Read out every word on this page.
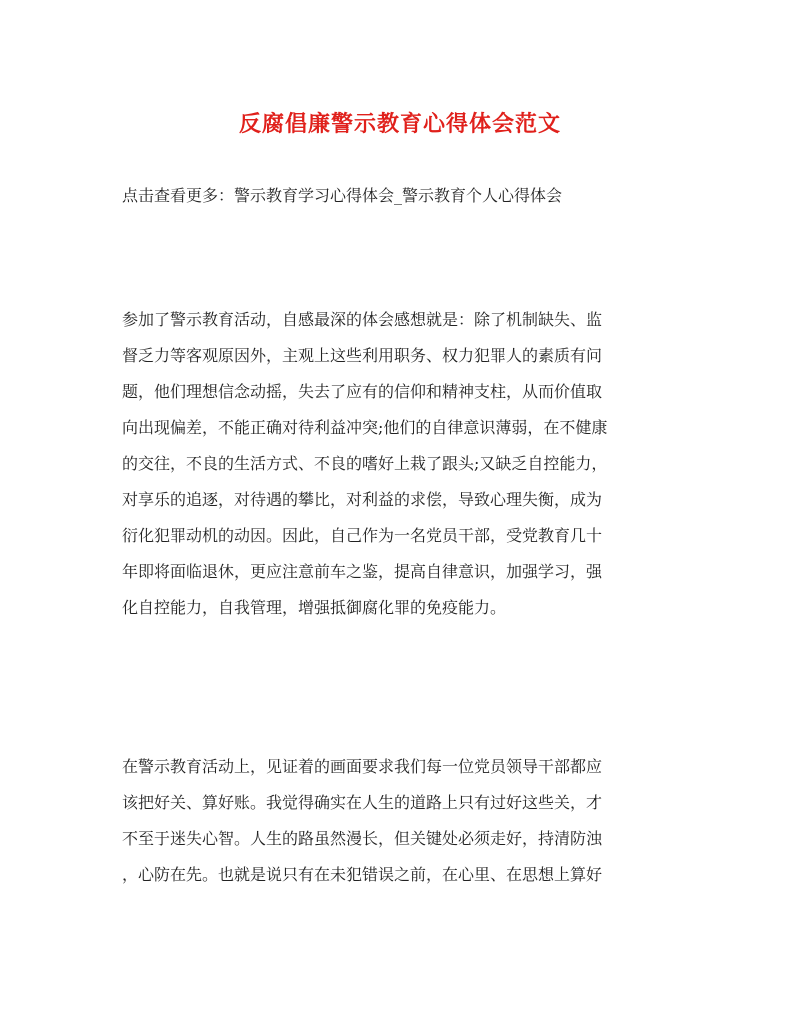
反腐倡廉警示教育心得体会范文
点击查看更多：警示教育学习心得体会_警示教育个人心得体会
参加了警示教育活动，自感最深的体会感想就是：除了机制缺失、监
督乏力等客观原因外，主观上这些利用职务、权力犯罪人的素质有问
题，他们理想信念动摇，失去了应有的信仰和精神支柱，从而价值取
向出现偏差，不能正确对待利益冲突;他们的自律意识薄弱，在不健康
的交往，不良的生活方式、不良的嗜好上栽了跟头;又缺乏自控能力，
对享乐的追逐，对待遇的攀比，对利益的求偿，导致心理失衡，成为
衍化犯罪动机的动因。因此，自己作为一名党员干部，受党教育几十
年即将面临退休，更应注意前车之鉴，提高自律意识，加强学习，强
化自控能力，自我管理，增强抵御腐化罪的免疫能力。
在警示教育活动上，见证着的画面要求我们每一位党员领导干部都应
该把好关、算好账。我觉得确实在人生的道路上只有过好这些关，才
不至于迷失心智。人生的路虽然漫长，但关键处必须走好，持清防浊
，心防在先。也就是说只有在未犯错误之前，在心里、在思想上算好
